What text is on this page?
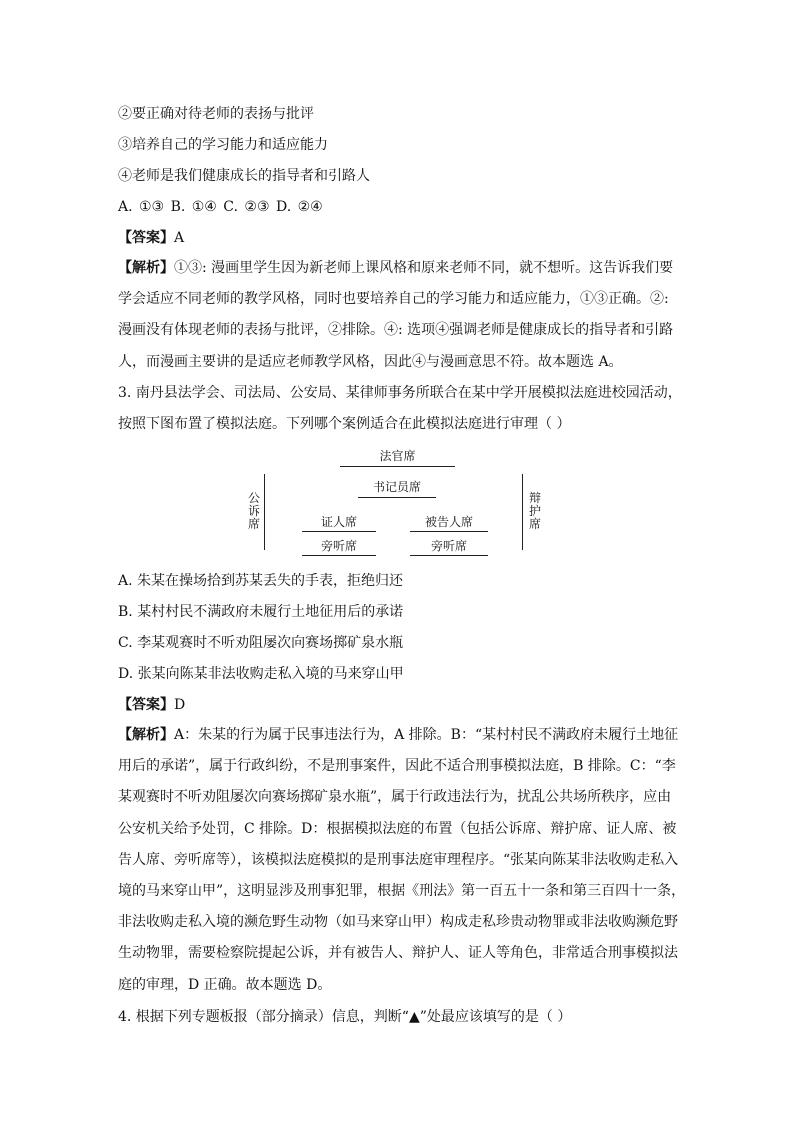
②要正确对待老师的表扬与批评
③培养自己的学习能力和适应能力
④老师是我们健康成长的指导者和引路人
A. ①③ B. ①④ C. ②③ D. ②④
【答案】A
【解析】①③: 漫画里学生因为新老师上课风格和原来老师不同，就不想听。这告诉我们要
学会适应不同老师的教学风格，同时也要培养自己的学习能力和适应能力，①③正确。②:
漫画没有体现老师的表扬与批评，②排除。④: 选项④强调老师是健康成长的指导者和引路
人，而漫画主要讲的是适应老师教学风格，因此④与漫画意思不符。故本题选 A。
3. 南丹县法学会、司法局、公安局、某律师事务所联合在某中学开展模拟法庭进校园活动，
按照下图布置了模拟法庭。下列哪个案例适合在此模拟法庭进行审理（ ）
法官席
书记员席
公诉席
辩护席
证人席	被告人席
旁听席	旁听席
A. 朱某在操场拾到苏某丢失的手表，拒绝归还
B. 某村村民不满政府未履行土地征用后的承诺
C. 李某观赛时不听劝阻屡次向赛场掷矿泉水瓶
D. 张某向陈某非法收购走私入境的马来穿山甲
【答案】D
【解析】A：朱某的行为属于民事违法行为，A 排除。B：“某村村民不满政府未履行土地征
用后的承诺”，属于行政纠纷，不是刑事案件，因此不适合刑事模拟法庭，B 排除。C：“李
某观赛时不听劝阻屡次向赛场掷矿泉水瓶”，属于行政违法行为，扰乱公共场所秩序，应由
公安机关给予处罚，C 排除。D：根据模拟法庭的布置（包括公诉席、辩护席、证人席、被
告人席、旁听席等），该模拟法庭模拟的是刑事法庭审理程序。“张某向陈某非法收购走私入
境的马来穿山甲”，这明显涉及刑事犯罪，根据《刑法》第一百五十一条和第三百四十一条，
非法收购走私入境的濒危野生动物（如马来穿山甲）构成走私珍贵动物罪或非法收购濒危野
生动物罪，需要检察院提起公诉，并有被告人、辩护人、证人等角色，非常适合刑事模拟法
庭的审理，D 正确。故本题选 D。
4. 根据下列专题板报（部分摘录）信息，判断“▲”处最应该填写的是（ ）
